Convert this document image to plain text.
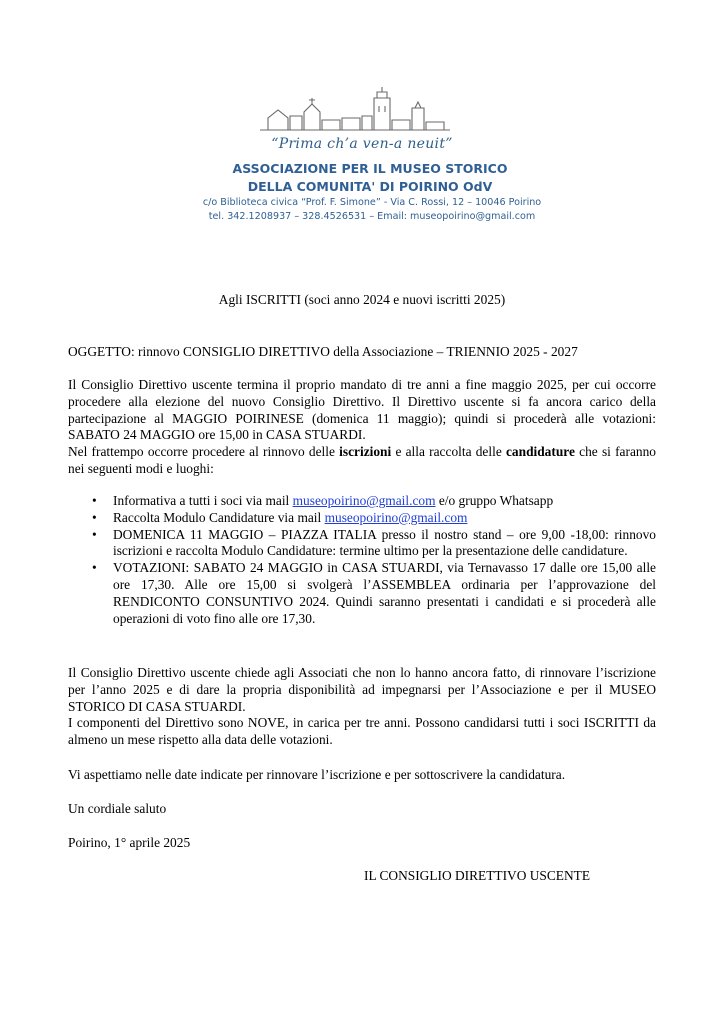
“Prima ch’a ven-a neuit”
ASSOCIAZIONE PER IL MUSEO STORICO
DELLA COMUNITA' DI POIRINO OdV
c/o Biblioteca civica “Prof. F. Simone” - Via C. Rossi, 12 – 10046 Poirino
tel. 342.1208937 – 328.4526531 – Email: museopoirino@gmail.com
Agli ISCRITTI (soci anno 2024 e nuovi iscritti 2025)
OGGETTO: rinnovo CONSIGLIO DIRETTIVO della Associazione – TRIENNIO 2025 - 2027

Il Consiglio Direttivo uscente termina il proprio mandato di tre anni a fine maggio 2025, per cui occorre procedere alla elezione del nuovo Consiglio Direttivo. Il Direttivo uscente si fa ancora carico della partecipazione al MAGGIO POIRINESE (domenica 11 maggio); quindi si procederà alle votazioni: SABATO 24 MAGGIO ore 15,00 in CASA STUARDI.

Nel frattempo occorre procedere al rinnovo delle iscrizioni e alla raccolta delle candidature che si faranno nei seguenti modi e luoghi:

• Informativa a tutti i soci via mail museopoirino@gmail.com e/o gruppo Whatsapp
• Raccolta Modulo Candidature via mail museopoirino@gmail.com
• DOMENICA 11 MAGGIO – PIAZZA ITALIA presso il nostro stand – ore 9,00 -18,00: rinnovo iscrizioni e raccolta Modulo Candidature: termine ultimo per la presentazione delle candidature.
• VOTAZIONI: SABATO 24 MAGGIO in CASA STUARDI, via Ternavasso 17 dalle ore 15,00 alle ore 17,30. Alle ore 15,00 si svolgerà l’ASSEMBLEA ordinaria per l’approvazione del RENDICONTO CONSUNTIVO 2024. Quindi saranno presentati i candidati e si procederà alle operazioni di voto fino alle ore 17,30.

Il Consiglio Direttivo uscente chiede agli Associati che non lo hanno ancora fatto, di rinnovare l’iscrizione per l’anno 2025 e di dare la propria disponibilità ad impegnarsi per l’Associazione e per il MUSEO STORICO DI CASA STUARDI.

I componenti del Direttivo sono NOVE, in carica per tre anni. Possono candidarsi tutti i soci ISCRITTI da almeno un mese rispetto alla data delle votazioni.

Vi aspettiamo nelle date indicate per rinnovare l’iscrizione e per sottoscrivere la candidatura.
Un cordiale saluto
Poirino, 1° aprile 2025
IL CONSIGLIO DIRETTIVO USCENTE
